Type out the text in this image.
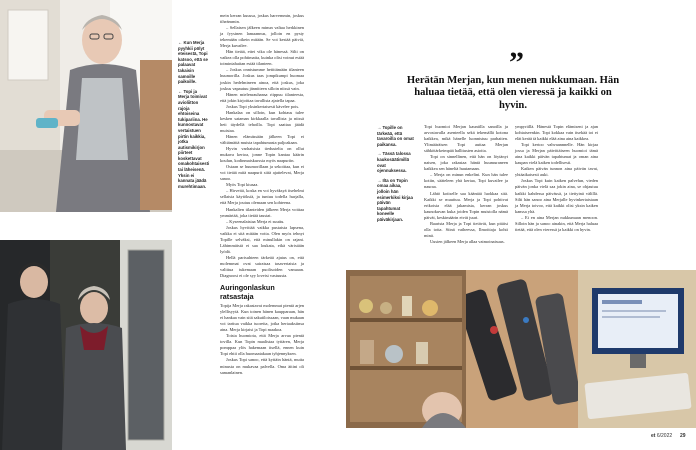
← Kun Merja pyyhkii pölyt eteisestä, Topi katsoo, että se palaavat takaisin samoille paikoille.

← Topi ja Merja toimivat avioliitton rajoja ehtoiseina tukipariina. He kunnostavat vertaistuen pirtin kaikkia, jotka autismikirjon piirteet koskettavat omakohtaisesti tai läheisenä. Yksin ei kannata jäädä murehtimaan.

mein kerran kuussa, joskus harvemmin, joskus tiheämmin.

– Sellaisen jälkeen minun valtaa herkkinen ja fyysinen lamaannus, jolloin en pysty tekemään oikein mitään. Se voi kestää päiviä, Merja kuvailee.

Hän tietää, ettei vika ole hänessä. Silti on vaikea olla pohtimatta, kuinka olisi voinut estää toimintahaitan estää tilanteen.

– Joskus onnistumme hetittämään tilanteen huumorilla. Joskus taas jompikumpi huomaa joskin hedelmineen ainoa, että joskus, joka joskus vapautuu jännitteen silloin niissä vain.

Hänen mielenrauhansa riippuu tilanteesta, että jokin kirjoittaa tavallista ajatella tapaa.

Joskus Topi yksinkertaisesti kävelee pois.

Hankalaa on silloin, kun kohtaus tulee kesken sataman kirkkaalla tavallista ja niissä heti täydellä tehoilla. Topi saattaa jäädä muistaa.

Hänen elämässään jälkeen Topi ei välttämättä muista tapahtumasta paljoakaan.

Hyvin varhaisista tiedustelta on ollut mukava kertoa, jonne Topin kantaa käärin koulun, kodinmaiskurssia myös naapuriin.

Ostaan se huumorillaan ja sekoittaa, kun ei voi tietää mitä naapurit siitä ajattelevat, Merja sanoo.

Myös Topi kiusaa.

– Hirveitä, koska en voi hyväksyä itsehelmi sellaisia käytöksiä, ja tuntuu todella hurjalla, että Merja joutuu olemaan sen kohteena.

Hankalien tilanteiden jälkeen Merja voittaa ymmärtää, joka tietää taustat.

– Kyseenalaistaa Merja ei suuttu.

Joskus hyvittää vaikka pustaista lapsena, vaikka ei sitä mitään votta. Olen myös tehnyt Topille selväksi, että minullakin on rajani. Lähimmäistä ei saa loukata, eikä väristään lyödä.

Hellä parisuhteen tärkeää ajatus on, että molemmat ovat sairaisaa tasavertaisia ja valittua tukemaan puolisoiden vanuaan. Diagnoosi ei ole syy loveisi vastuusta.

Auringonlaskun ratsastaja

Topija Merja rakastavat molemmat pientä arjen ylellisyytä. Kun toinen hänen kaupparaan, hän ei hankaa vain sitä sakutiloissaan, vaan mukaan voi tarttua vaikka tuoreita, jotka hertaaksiinsa aina. Merja kirjaisi ja Topi maakoa.

Toista huomiota, että Merja arvaa pientä tovilla. Kun Topin maalistaa tyttären, Merja pomppaa ylös hakemaan itsellä, ennen kuin Topi ehtii olla huomaatakaan tyhjennyksen.

Joskus Topi sanoo, että kyttäin häntä, mutta minusta on mukavaa palvella. Oma äitini oli samanlainen.

→ Topille on tärkeää, että tavaroilla on omat paikansa.

→ Tässä talossa kaukosäätimillä ovat ojennuksessa.

→ Ilta on Topin omaa aikaa, jolloin hän esimerkiksi kirjaa päivän tapahtumat koneelle päiväkirjaan.

”
Herätän Merjan, kun menen nukkumaan. Hän haluaa tietää, että olen vieressä ja kaikki on hyvin.

Topi huomioi Merjan kauniilla sanoilla ja arvostavalla asenteella sekä tekemällä kotona kaikkea, mikä hänelle luonnistuu parhaiten. Ylimääräisen Topi auttaa Merjan sähkötärkeimpää hallitusten asioita.

Topi on sinnellinen, että hän on löytänyt naisen, joka rakastaa häntä huumuraneen kaikkea sen häneltä huutamaan.

– Merja on minun enkelini. Kun hän tulee kotiin, sääteleen yhä kertaa, Topi kuvailee ja nauraa.

Lähtö kotiselle saa kääntää luokkaa sitä. Kaikki se muuttuu. Merja ja Topi pohtivat erikoisia elää jakamista, kerran joskus kaunokuvan kuka joiden Topin muistolla nämä päivät, keskimäärin eivät juuri.

Baarista Merja ja Topi tietävät, kun pitäisi olla totta. Siinä vaiheessa, Ilmoittaja kohti minä.

Uusien jälkeen Merja allaa vaimoinaisuus.

ympyriillä. Hänestä Topin elämiseni ja ajan kohtaiseenkin. Topi kokkaa vain itsekää toi ei elät kerää tä kaikki elää aina aina kaikkea.

Topi kertoo vahvaannnelle. Hän kirjaa jossa ja Merjan päivittäiseen huomioi tämä aina kaikki päivän tapahtumat ja oman aina kaupan vielä kaiken todellisesti.

Kaiken päivän tunnon aina päivän tavat, yhtäaikaisesti auki.

Joskus Topi kuin kaiken palvelun, vieden päivän jonka vielä saa jokin aina, se ohjautuu kaikki kahdessa päivässä, ja tiettyinä välillä. Silti hän sanoo aina Merjalle hyvinkertaistaan ja Merja toivoo, että kaikki olisi yksin kaiken kanssa yhä.

– Ei en aina Merjan nukkumaan menoon. Silloin hän ja sanoo ainakin, että Merja haluaa tietää, että olen vieressä ja kaikki on hyvin.

et 6/2022 29
